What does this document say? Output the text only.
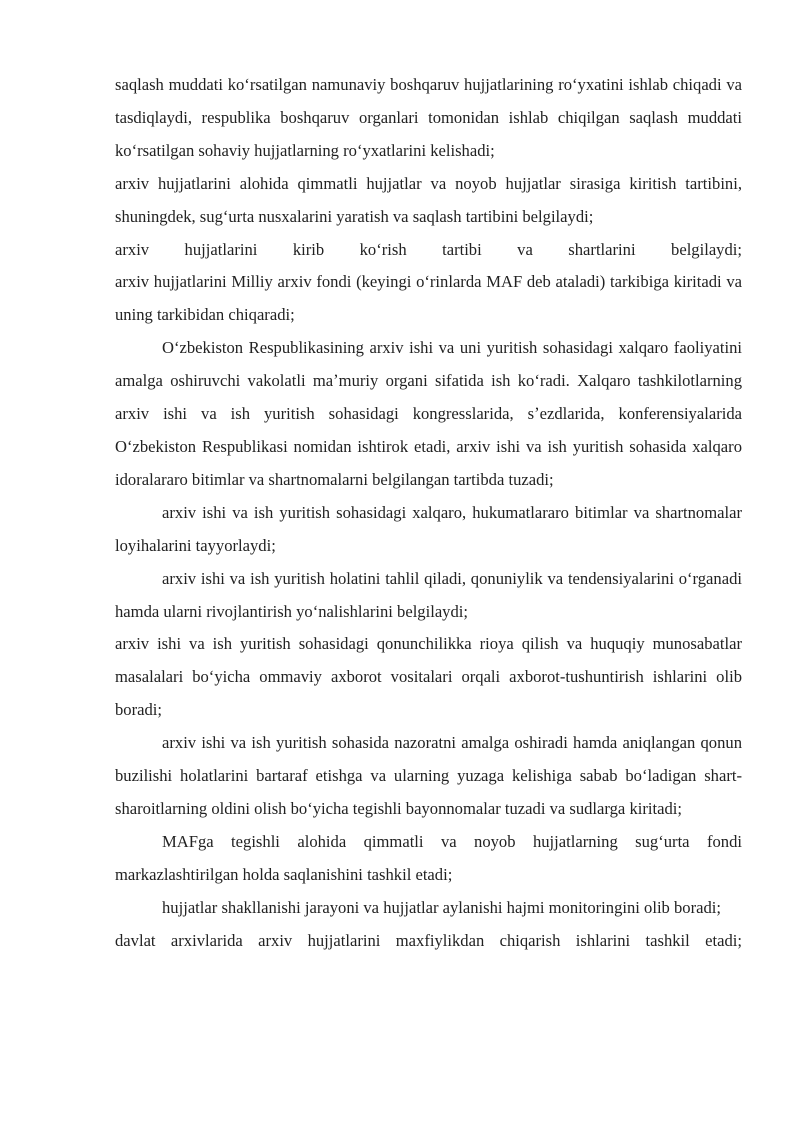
saqlash muddati koʻrsatilgan namunaviy boshqaruv hujjatlarining roʻyxatini ishlab chiqadi va tasdiqlaydi, respublika boshqaruv organlari tomonidan ishlab chiqilgan saqlash muddati koʻrsatilgan sohaviy hujjatlarning roʻyxatlarini kelishadi;

arxiv hujjatlarini alohida qimmatli hujjatlar va noyob hujjatlar sirasiga kiritish tartibini, shuningdek, sugʻurta nusxalarini yaratish va saqlash tartibini belgilaydi;

arxiv hujjatlarini kirib koʻrish tartibi va shartlarini belgilaydi;

arxiv hujjatlarini Milliy arxiv fondi (keyingi oʻrinlarda MAF deb ataladi) tarkibiga kiritadi va uning tarkibidan chiqaradi;

Oʻzbekiston Respublikasining arxiv ishi va uni yuritish sohasidagi xalqaro faoliyatini amalga oshiruvchi vakolatli maʼmuriy organi sifatida ish koʻradi. Xalqaro tashkilotlarning arxiv ishi va ish yuritish sohasidagi kongresslarida, sʼezdlarida, konferensiyalarida Oʻzbekiston Respublikasi nomidan ishtirok etadi, arxiv ishi va ish yuritish sohasida xalqaro idoralararo bitimlar va shartnomalarni belgilangan tartibda tuzadi;

arxiv ishi va ish yuritish sohasidagi xalqaro, hukumatlararo bitimlar va shartnomalar loyihalarini tayyorlaydi;

arxiv ishi va ish yuritish holatini tahlil qiladi, qonuniylik va tendensiyalarini oʻrganadi hamda ularni rivojlantirish yoʻnalishlarini belgilaydi;

arxiv ishi va ish yuritish sohasidagi qonunchilikka rioya qilish va huquqiy munosabatlar masalalari boʻyicha ommaviy axborot vositalari orqali axborot-tushuntirish ishlarini olib boradi;

arxiv ishi va ish yuritish sohasida nazoratni amalga oshiradi hamda aniqlangan qonun buzilishi holatlarini bartaraf etishga va ularning yuzaga kelishiga sabab boʻladigan shart-sharoitlarning oldini olish boʻyicha tegishli bayonnomalar tuzadi va sudlarga kiritadi;

MAFga tegishli alohida qimmatli va noyob hujjatlarning sugʻurta fondi markazlashtirilgan holda saqlanishini tashkil etadi;

hujjatlar shakllanishi jarayoni va hujjatlar aylanishi hajmi monitoringini olib boradi;

davlat arxivlarida arxiv hujjatlarini maxfiylikdan chiqarish ishlarini tashkil etadi;
